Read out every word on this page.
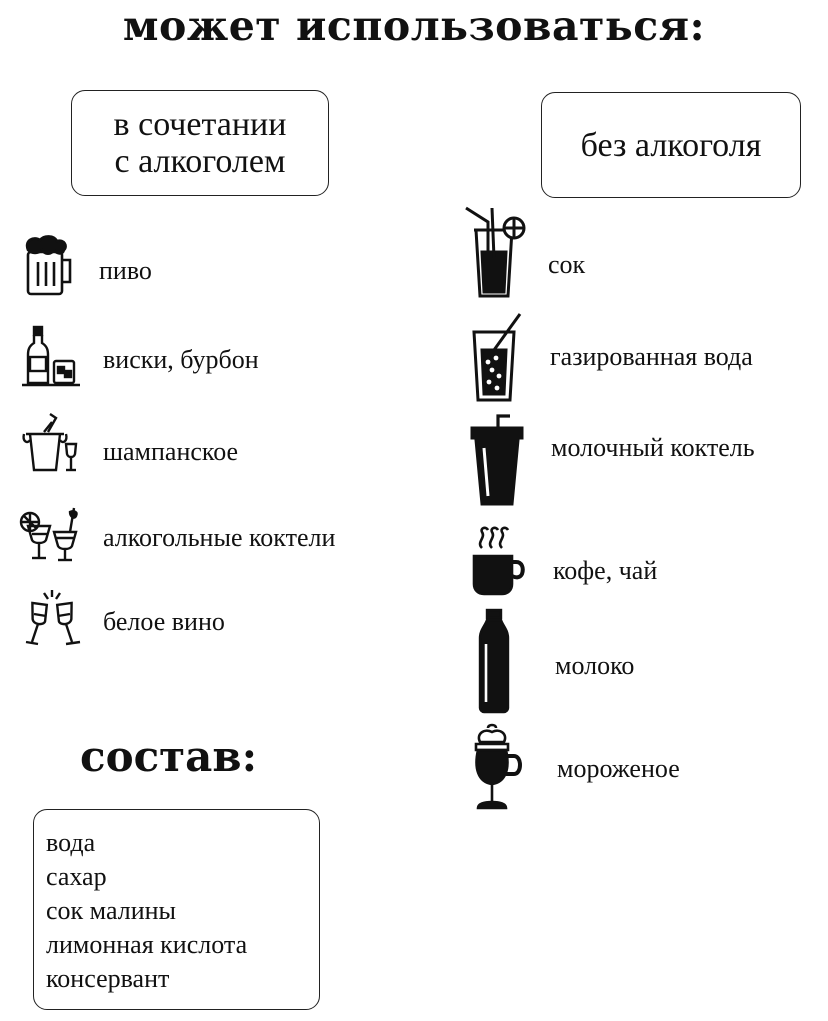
может использоваться:
в сочетании
с алкоголем	без алкоголя
пиво
виски, бурбон
шампанское
алкогольные коктели
белое вино
сок
газированная вода
молочный коктель
кофе, чай
молоко
мороженое
состав:
вода
сахар
сок малины
лимонная кислота
консервант
